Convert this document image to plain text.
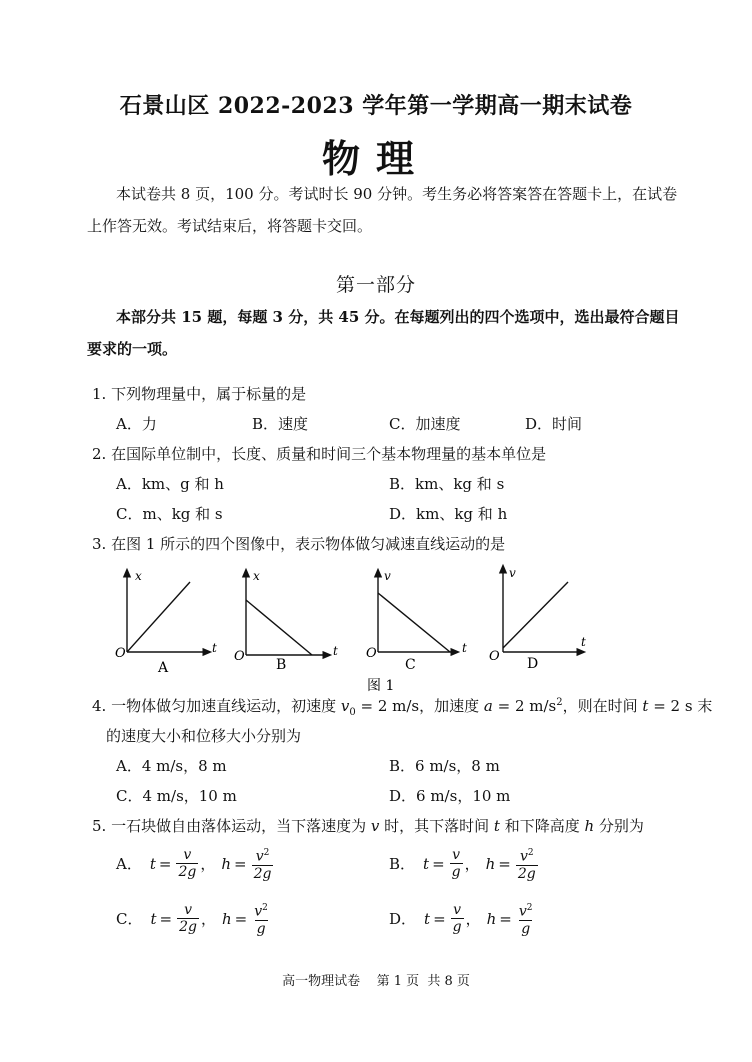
石景山区 2022-2023 学年第一学期高一期末试卷
物理
本试卷共 8 页，100 分。考试时长 90 分钟。考生务必将答案答在答题卡上，在试卷
上作答无效。考试结束后，将答题卡交回。
第一部分
本部分共 15 题，每题 3 分，共 45 分。在每题列出的四个选项中，选出最符合题目
要求的一项。
1. 下列物理量中，属于标量的是
A．力	B．速度	C．加速度	D．时间
2. 在国际单位制中，长度、质量和时间三个基本物理量的基本单位是
A．km、g 和 h	B．km、kg 和 s
C．m、kg 和 s	D．km、kg 和 h
3. 在图 1 所示的四个图像中，表示物体做匀减速直线运动的是
x
t
O
A
x
t
O
B
v
t
O
C
v
t
O D
图 1
4. 一物体做匀加速直线运动，初速度 $v_0 = 2$ m/s，加速度 a = 2 $m/s^2$，则在时间 t = 2 s 末
的速度大小和位移大小分别为
A．4 m/s，8 m	B．6 m/s，8 m
C．4 m/s，10 m	D．6 m/s，10 m
5. 一石块做自由落体运动，当下落速度为 v 时，其下落时间 t 和下降高度 h 分别为
A． $t = \frac{v}{2g}$ ， $h = \frac{v^2}{2g}$	B． $t = \frac{v}{g}$ ， $h = \frac{v^2}{2g}$
C． $t = \frac{v}{2g}$ ， $h = \frac{v^2}{g}$	D． $t = \frac{v}{g}$ ， $h = \frac{v^2}{g}$
高一物理试卷    第 1 页  共 8 页
